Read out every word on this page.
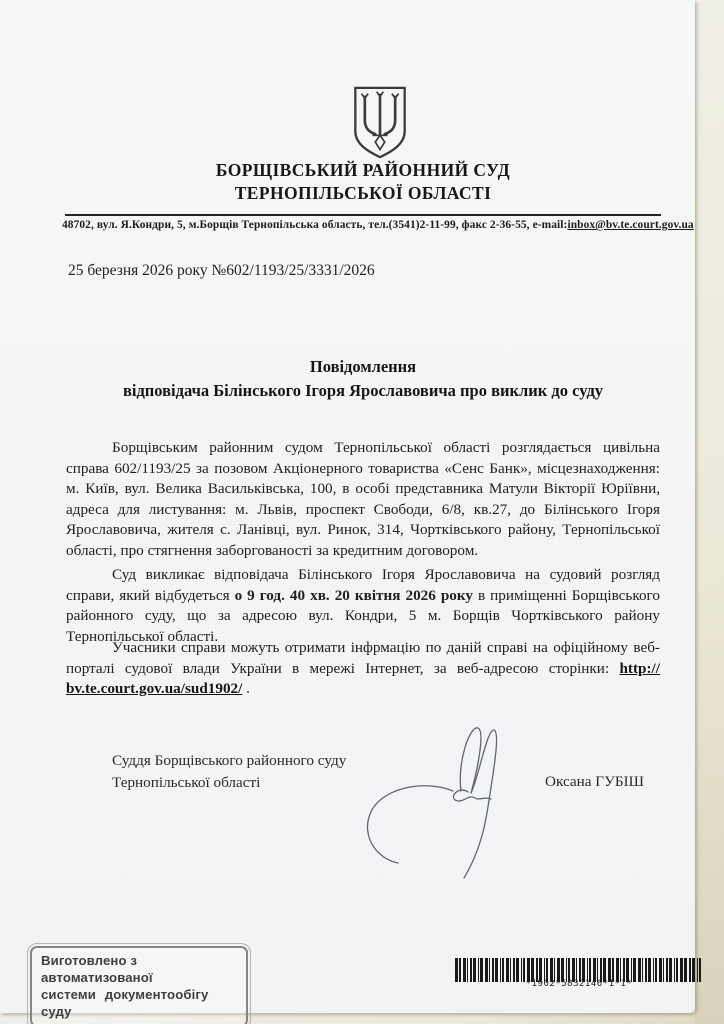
БОРЩІВСЬКИЙ РАЙОННИЙ СУД
ТЕРНОПІЛЬСЬКОЇ ОБЛАСТІ
48702, вул. Я.Кондри, 5, м.Борщів Тернопільська область, тел.(3541)2-11-99, факс 2-36-55, e-mail:inbox@bv.te.court.gov.ua
25 березня 2026 року №602/1193/25/3331/2026
Повідомлення
відповідача Білінського Ігоря Ярославовича про виклик до суду
Борщівським районним судом Тернопільської області розглядається цивільна справа 602/1193/25 за позовом Акціонерного товариства «Сенс Банк», місцезнаходження: м. Київ, вул. Велика Васильківська, 100, в особі представника Матули Вікторії Юріївни, адреса для листування: м. Львів, проспект Свободи, 6/8, кв.27, до Білінського Ігоря Ярославовича, жителя с. Ланівці, вул. Ринок, 314, Чортківського району, Тернопільської області, про стягнення заборгованості за кредитним договором.
Суд викликає відповідача Білінського Ігоря Ярославовича на судовий розгляд справи, який відбудеться о 9 год. 40 хв. 20 квітня 2026 року в приміщенні Борщівського районного суду, що за адресою вул. Кондри, 5 м. Борщів Чортківського району Тернопільської області.
Учасники справи можуть отримати інфрмацію по даній справі на офіційному веб-порталі судової влади України в мережі Інтернет, за веб-адресою сторінки: http://bv.te.court.gov.ua/sud1902/ .
Суддя Борщівського районного суду
Тернопільської області	Оксана ГУБІШ
Виготовлено з автоматизованої
системи документообігу суду
*1902*5832146*1*1*
